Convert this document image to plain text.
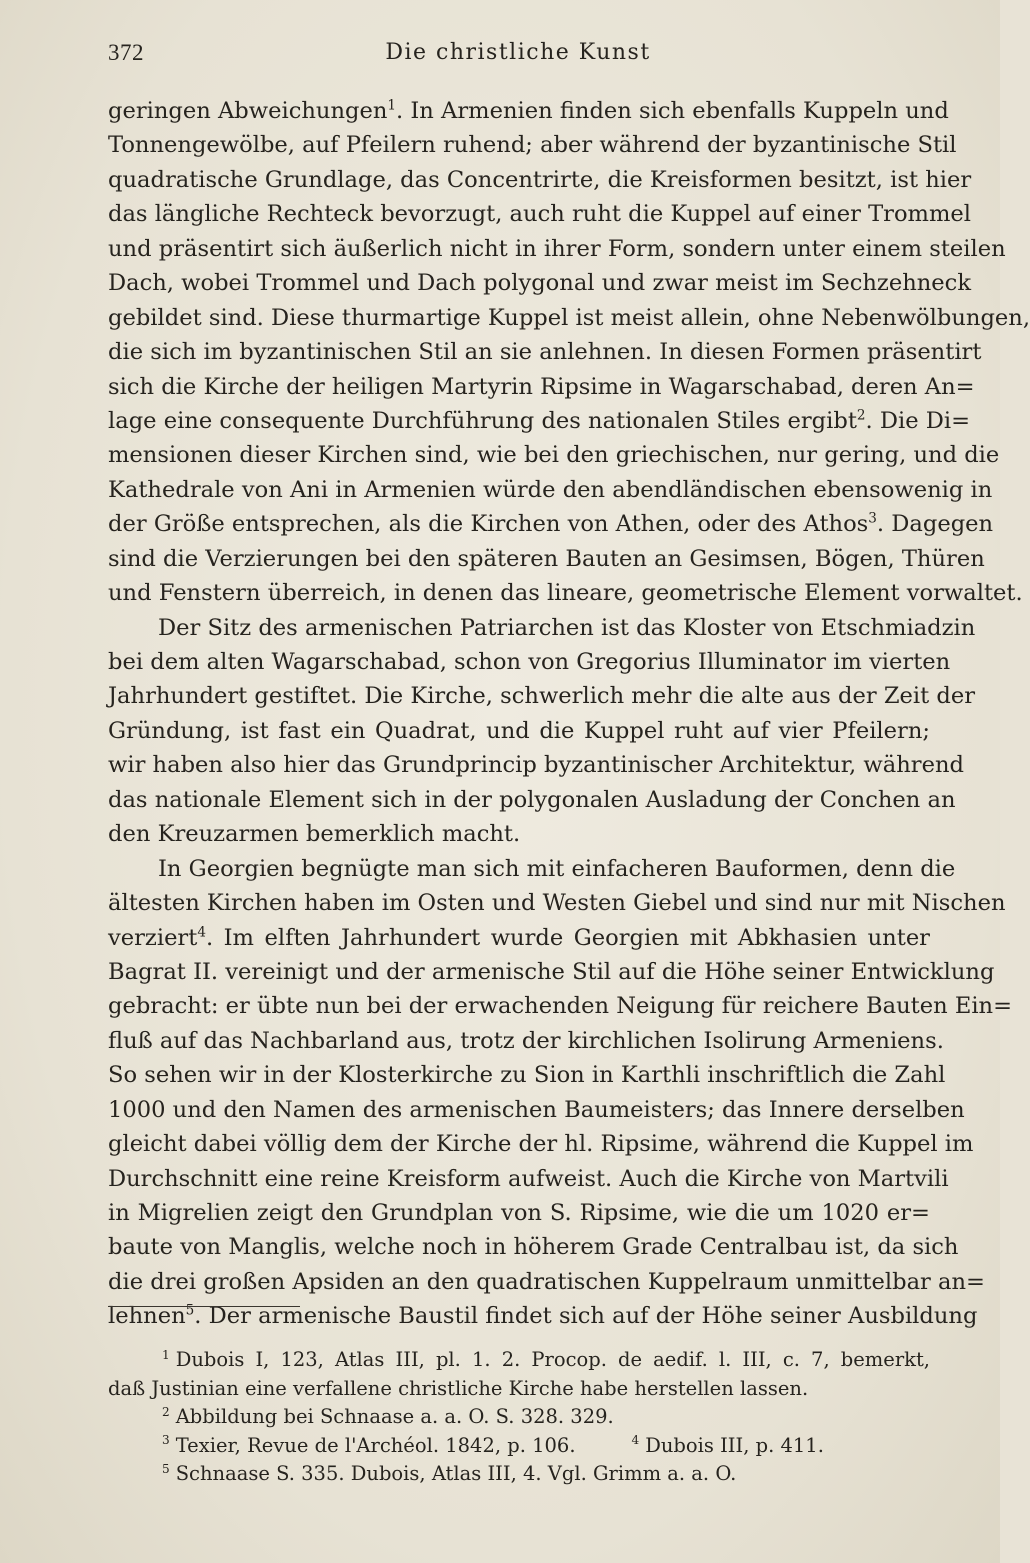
372	Die christliche Kunst
geringen Abweichungen$^1$. In Armenien finden sich ebenfalls Kuppeln und
Tonnengewölbe, auf Pfeilern ruhend; aber während der byzantinische Stil
quadratische Grundlage, das Concentrirte, die Kreisformen besitzt, ist hier
das längliche Rechteck bevorzugt, auch ruht die Kuppel auf einer Trommel
und präsentirt sich äußerlich nicht in ihrer Form, sondern unter einem steilen
Dach, wobei Trommel und Dach polygonal und zwar meist im Sechzehneck
gebildet sind. Diese thurmartige Kuppel ist meist allein, ohne Nebenwölbungen,
die sich im byzantinischen Stil an sie anlehnen. In diesen Formen präsentirt
sich die Kirche der heiligen Martyrin Ripsime in Wagarschabad, deren An=
lage eine consequente Durchführung des nationalen Stiles ergibt$^2$. Die Di=
mensionen dieser Kirchen sind, wie bei den griechischen, nur gering, und die
Kathedrale von Ani in Armenien würde den abendländischen ebensowenig in
der Größe entsprechen, als die Kirchen von Athen, oder des Athos$^3$. Dagegen
sind die Verzierungen bei den späteren Bauten an Gesimsen, Bögen, Thüren
und Fenstern überreich, in denen das lineare, geometrische Element vorwaltet.
Der Sitz des armenischen Patriarchen ist das Kloster von Etschmiadzin
bei dem alten Wagarschabad, schon von Gregorius Illuminator im vierten
Jahrhundert gestiftet. Die Kirche, schwerlich mehr die alte aus der Zeit der
Gründung, ist fast ein Quadrat, und die Kuppel ruht auf vier Pfeilern;
wir haben also hier das Grundprincip byzantinischer Architektur, während
das nationale Element sich in der polygonalen Ausladung der Conchen an
den Kreuzarmen bemerklich macht.
In Georgien begnügte man sich mit einfacheren Bauformen, denn die
ältesten Kirchen haben im Osten und Westen Giebel und sind nur mit Nischen
verziert$^4$. Im elften Jahrhundert wurde Georgien mit Abkhasien unter
Bagrat II. vereinigt und der armenische Stil auf die Höhe seiner Entwicklung
gebracht: er übte nun bei der erwachenden Neigung für reichere Bauten Ein=
fluß auf das Nachbarland aus, trotz der kirchlichen Isolirung Armeniens.
So sehen wir in der Klosterkirche zu Sion in Karthli inschriftlich die Zahl
1000 und den Namen des armenischen Baumeisters; das Innere derselben
gleicht dabei völlig dem der Kirche der hl. Ripsime, während die Kuppel im
Durchschnitt eine reine Kreisform aufweist. Auch die Kirche von Martvili
in Migrelien zeigt den Grundplan von S. Ripsime, wie die um 1020 er=
baute von Manglis, welche noch in höherem Grade Centralbau ist, da sich
die drei großen Apsiden an den quadratischen Kuppelraum unmittelbar an=
lehnen$^5$. Der armenische Baustil findet sich auf der Höhe seiner Ausbildung
$^1$ Dubois I, 123, Atlas III, pl. 1. 2. Procop. de aedif. l. III, c. 7, bemerkt,
daß Justinian eine verfallene christliche Kirche habe herstellen lassen.
$^2$ Abbildung bei Schnaase a. a. O. S. 328. 329.
$^3$ Texier, Revue de l'Archéol. 1842, p. 106.	$^4$ Dubois III, p. 411.
$^5$ Schnaase S. 335. Dubois, Atlas III, 4. Vgl. Grimm a. a. O.
